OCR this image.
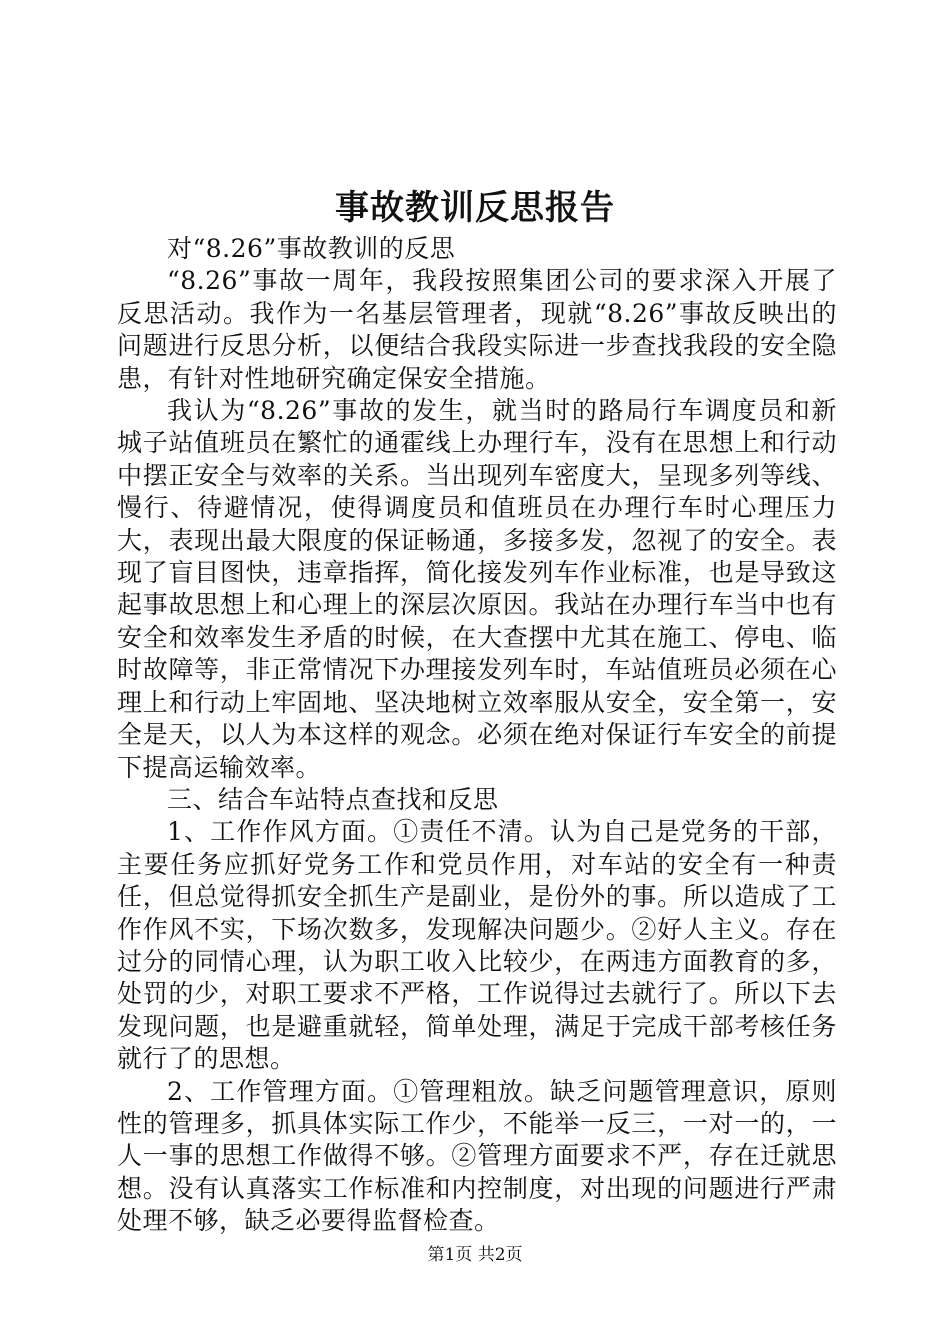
事故教训反思报告

对“8.26”事故教训的反思

“8.26”事故一周年，我段按照集团公司的要求深入开展了反思活动。我作为一名基层管理者，现就“8.26”事故反映出的问题进行反思分析，以便结合我段实际进一步查找我段的安全隐患，有针对性地研究确定保安全措施。

我认为“8.26”事故的发生，就当时的路局行车调度员和新城子站值班员在繁忙的通霍线上办理行车，没有在思想上和行动中摆正安全与效率的关系。当出现列车密度大，呈现多列等线、慢行、待避情况，使得调度员和值班员在办理行车时心理压力大，表现出最大限度的保证畅通，多接多发，忽视了的安全。表现了盲目图快，违章指挥，简化接发列车作业标准，也是导致这起事故思想上和心理上的深层次原因。我站在办理行车当中也有安全和效率发生矛盾的时候，在大查摆中尤其在施工、停电、临时故障等，非正常情况下办理接发列车时，车站值班员必须在心理上和行动上牢固地、坚决地树立效率服从安全，安全第一，安全是天，以人为本这样的观念。必须在绝对保证行车安全的前提下提高运输效率。

三、结合车站特点查找和反思

1、工作作风方面。①责任不清。认为自己是党务的干部，主要任务应抓好党务工作和党员作用，对车站的安全有一种责任，但总觉得抓安全抓生产是副业，是份外的事。所以造成了工作作风不实，下场次数多，发现解决问题少。②好人主义。存在过分的同情心理，认为职工收入比较少，在两违方面教育的多，处罚的少，对职工要求不严格，工作说得过去就行了。所以下去发现问题，也是避重就轻，简单处理，满足于完成干部考核任务就行了的思想。

2、工作管理方面。①管理粗放。缺乏问题管理意识，原则性的管理多，抓具体实际工作少，不能举一反三，一对一的，一人一事的思想工作做得不够。②管理方面要求不严，存在迁就思想。没有认真落实工作标准和内控制度，对出现的问题进行严肃处理不够，缺乏必要得监督检查。

第1页 共2页
